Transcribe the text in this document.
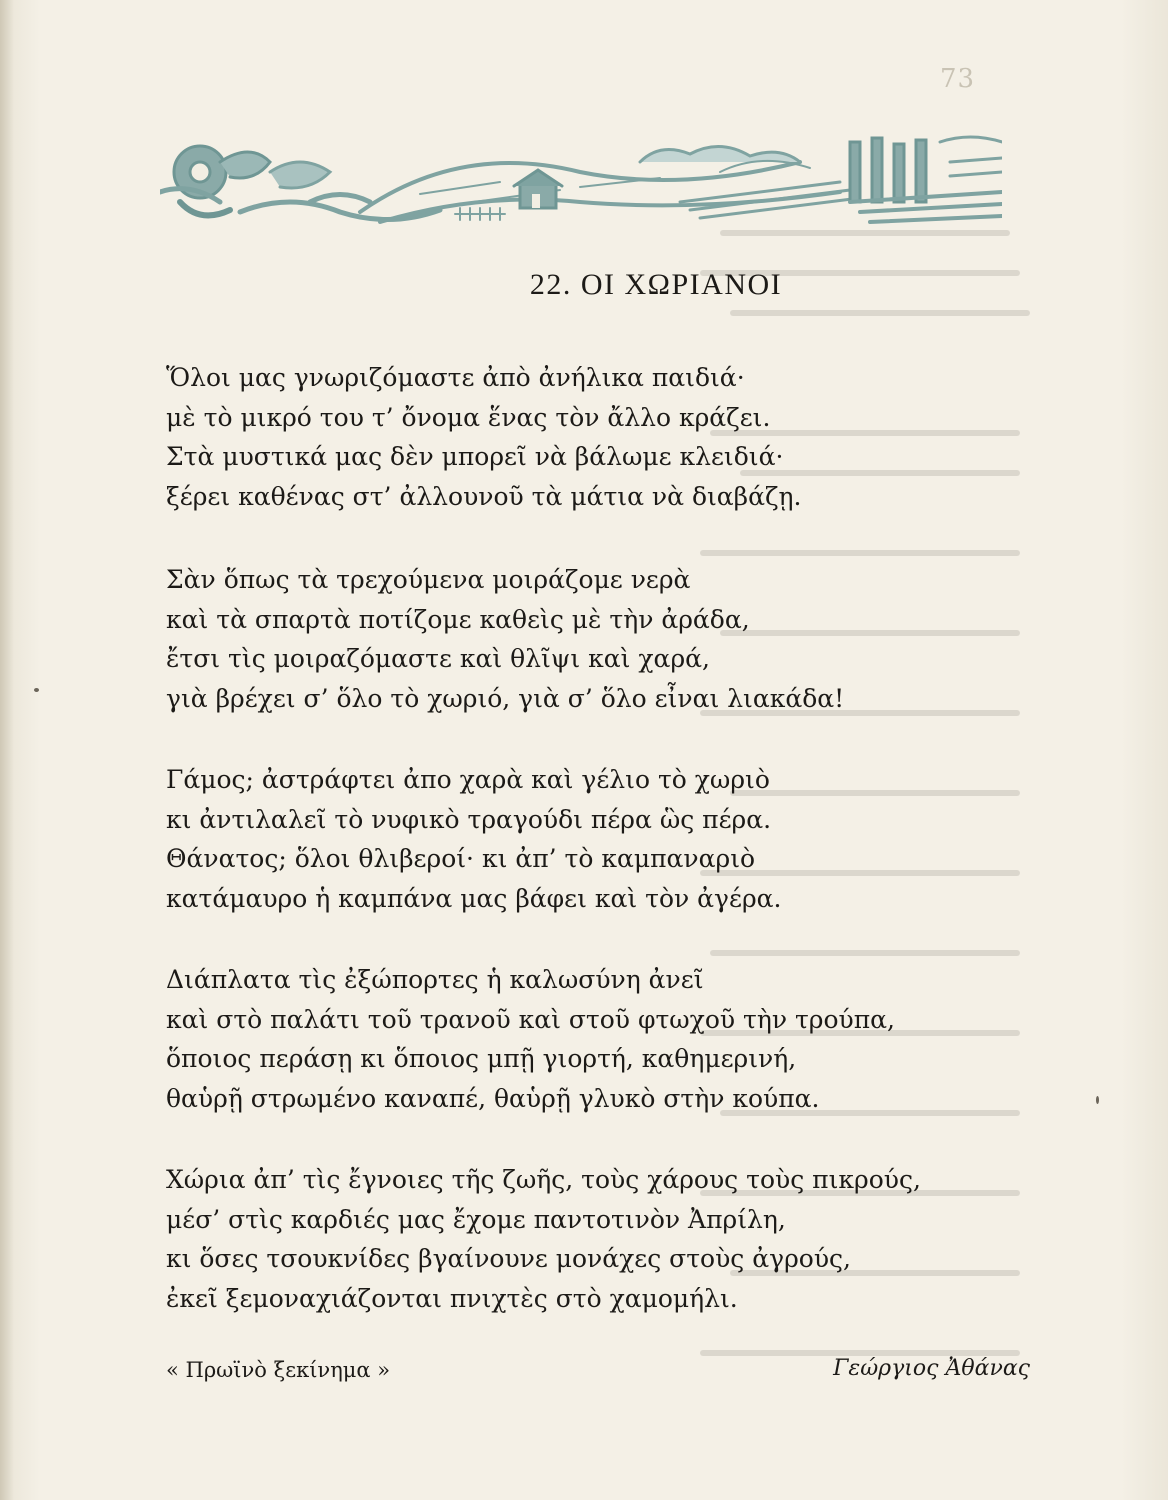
73
22. ΟΙ ΧΩΡΙΑΝΟΙ
Ὅλοι μας γνωριζόμαστε ἀπὸ ἀνήλικα παιδιά·
μὲ τὸ μικρό του τ’ ὄνομα ἕνας τὸν ἄλλο κράζει.
Στὰ μυστικά μας δὲν μπορεῖ νὰ βάλωμε κλειδιά·
ξέρει καθένας στ’ ἀλλουνοῦ τὰ μάτια νὰ διαβάζῃ.
Σὰν ὅπως τὰ τρεχούμενα μοιράζομε νερὰ
καὶ τὰ σπαρτὰ ποτίζομε καθεὶς μὲ τὴν ἀράδα,
ἔτσι τὶς μοιραζόμαστε καὶ θλῖψι καὶ χαρά,
γιὰ βρέχει σ’ ὅλο τὸ χωριό, γιὰ σ’ ὅλο εἶναι λιακάδα!
Γάμος; ἀστράφτει ἀπο χαρὰ καὶ γέλιο τὸ χωριὸ
κι ἀντιλαλεῖ τὸ νυφικὸ τραγούδι πέρα ὣς πέρα.
Θάνατος; ὅλοι θλιβεροί· κι ἀπ’ τὸ καμπαναριὸ
κατάμαυρο ἡ καμπάνα μας βάφει καὶ τὸν ἀγέρα.
Διάπλατα τὶς ἐξώπορτες ἡ καλωσύνη ἀνεῖ
καὶ στὸ παλάτι τοῦ τρανοῦ καὶ στοῦ φτωχοῦ τὴν τρούπα,
ὅποιος περάσῃ κι ὅποιος μπῇ γιορτή, καθημερινή,
θαὑρῇ στρωμένο καναπέ, θαὑρῇ γλυκὸ στὴν κούπα.
Χώρια ἀπ’ τὶς ἔγνοιες τῆς ζωῆς, τοὺς χάρους τοὺς πικρούς,
μέσ’ στὶς καρδιές μας ἔχομε παντοτινὸν Ἀπρίλη,
κι ὅσες τσουκνίδες βγαίνουνε μονάχες στοὺς ἀγρούς,
ἐκεῖ ξεμοναχιάζονται πνιχτὲς στὸ χαμομήλι.
« Πρωϊνὸ ξεκίνημα »	Γεώργιος Ἀθάνας
